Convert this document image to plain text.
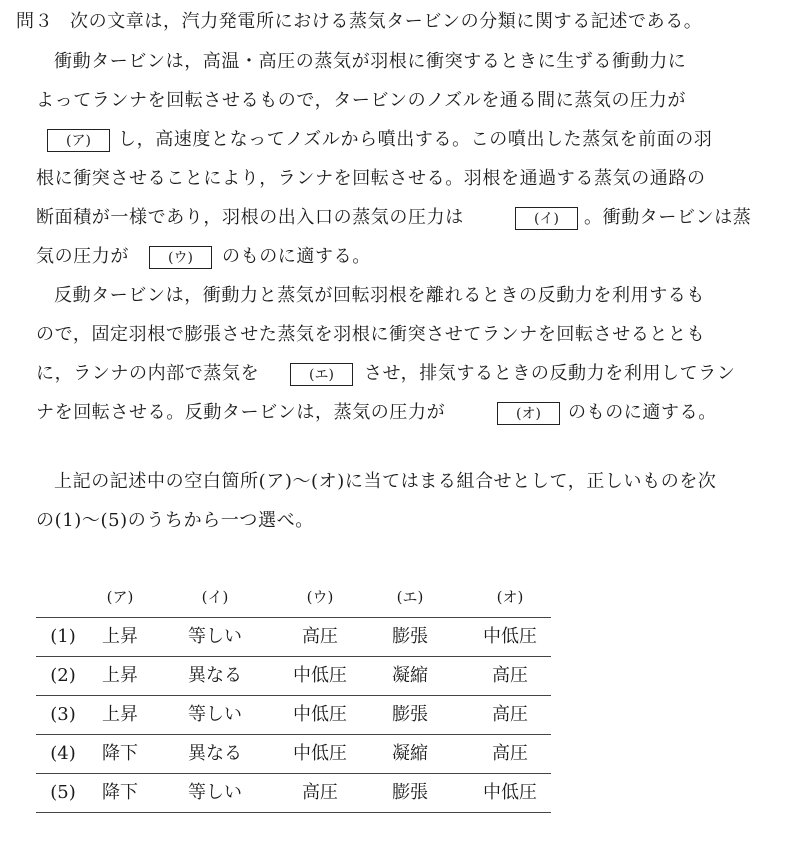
問３ 次の文章は，汽力発電所における蒸気タービンの分類に関する記述である。
衝動タービンは，高温・高圧の蒸気が羽根に衝突するときに生ずる衝動力に
よってランナを回転させるもので，タービンのノズルを通る間に蒸気の圧力が
(ア)	し，高速度となってノズルから噴出する。この噴出した蒸気を前面の羽
根に衝突させることにより，ランナを回転させる。羽根を通過する蒸気の通路の
断面積が一様であり，羽根の出入口の蒸気の圧力は	(イ)	。衝動タービンは蒸
気の圧力が	(ウ)	のものに適する。
反動タービンは，衝動力と蒸気が回転羽根を離れるときの反動力を利用するも
ので，固定羽根で膨張させた蒸気を羽根に衝突させてランナを回転させるととも
に，ランナの内部で蒸気を	(エ)	させ，排気するときの反動力を利用してラン
ナを回転させる。反動タービンは，蒸気の圧力が	(オ)	のものに適する。
上記の記述中の空白箇所(ア)～(オ)に当てはまる組合せとして，正しいものを次
の(1)～(5)のうちから一つ選べ。
(ア)	(イ)	(ウ)	(エ)	(オ)
(1)	上昇	等しい	高圧	膨張	中低圧
(2)	上昇	異なる	中低圧	凝縮	高圧
(3)	上昇	等しい	中低圧	膨張	高圧
(4)	降下	異なる	中低圧	凝縮	高圧
(5)	降下	等しい	高圧	膨張	中低圧
